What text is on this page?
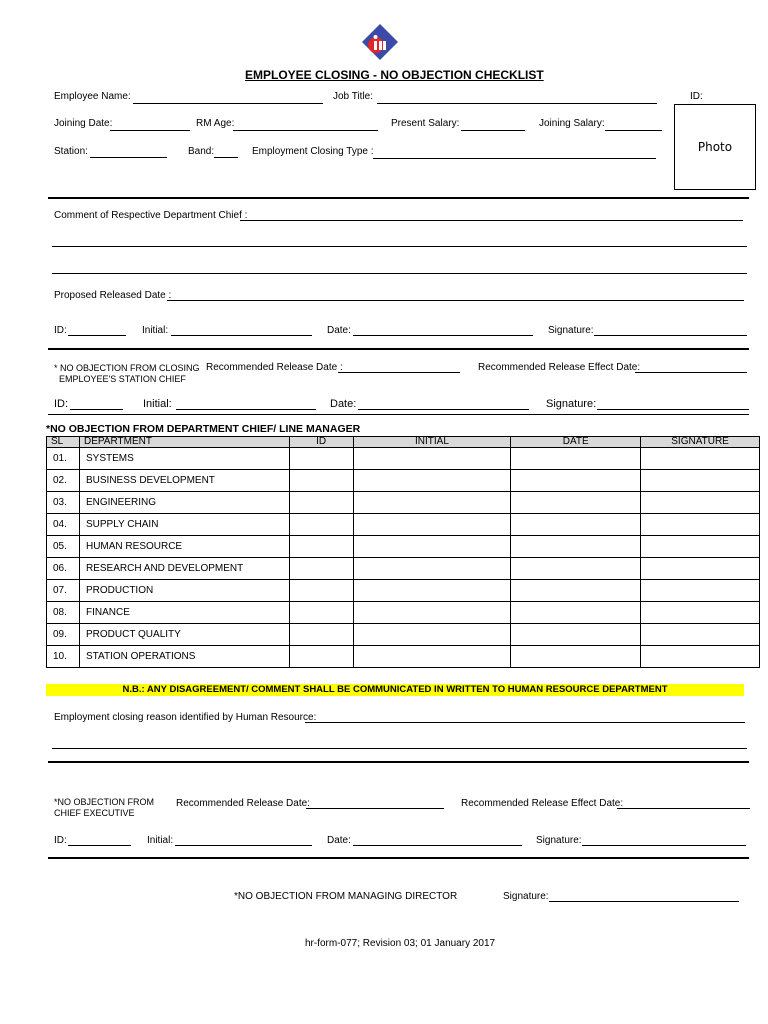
EMPLOYEE CLOSING - NO OBJECTION CHECKLIST
Employee Name:	Job Title:	ID:
Joining Date:	RM Age:	Present Salary:	Joining Salary:
Station:	Band:	Employment Closing Type :	Photo
Comment of Respective Department Chief :
Proposed Released Date :
ID:	Initial:	Date:	Signature:
* NO OBJECTION FROM CLOSING
EMPLOYEE'S STATION CHIEF
Recommended Release Date :	Recommended Release Effect Date:
ID:	Initial:	Date:	Signature:
*NO OBJECTION FROM DEPARTMENT CHIEF/ LINE MANAGER
SL	DEPARTMENT	ID	INITIAL	DATE	SIGNATURE
01.	SYSTEMS				
02.	BUSINESS DEVELOPMENT				
03.	ENGINEERING				
04.	SUPPLY CHAIN				
05.	HUMAN RESOURCE				
06.	RESEARCH AND DEVELOPMENT				
07.	PRODUCTION				
08.	FINANCE				
09.	PRODUCT QUALITY				
10.	STATION OPERATIONS				
N.B.: ANY DISAGREEMENT/ COMMENT SHALL BE COMMUNICATED IN WRITTEN TO HUMAN RESOURCE DEPARTMENT
Employment closing reason identified by Human Resource:
*NO OBJECTION FROM
CHIEF EXECUTIVE
Recommended Release Date:	Recommended Release Effect Date:
ID:	Initial:	Date:	Signature:
*NO OBJECTION FROM MANAGING DIRECTOR	Signature:
hr-form-077; Revision 03; 01 January 2017
